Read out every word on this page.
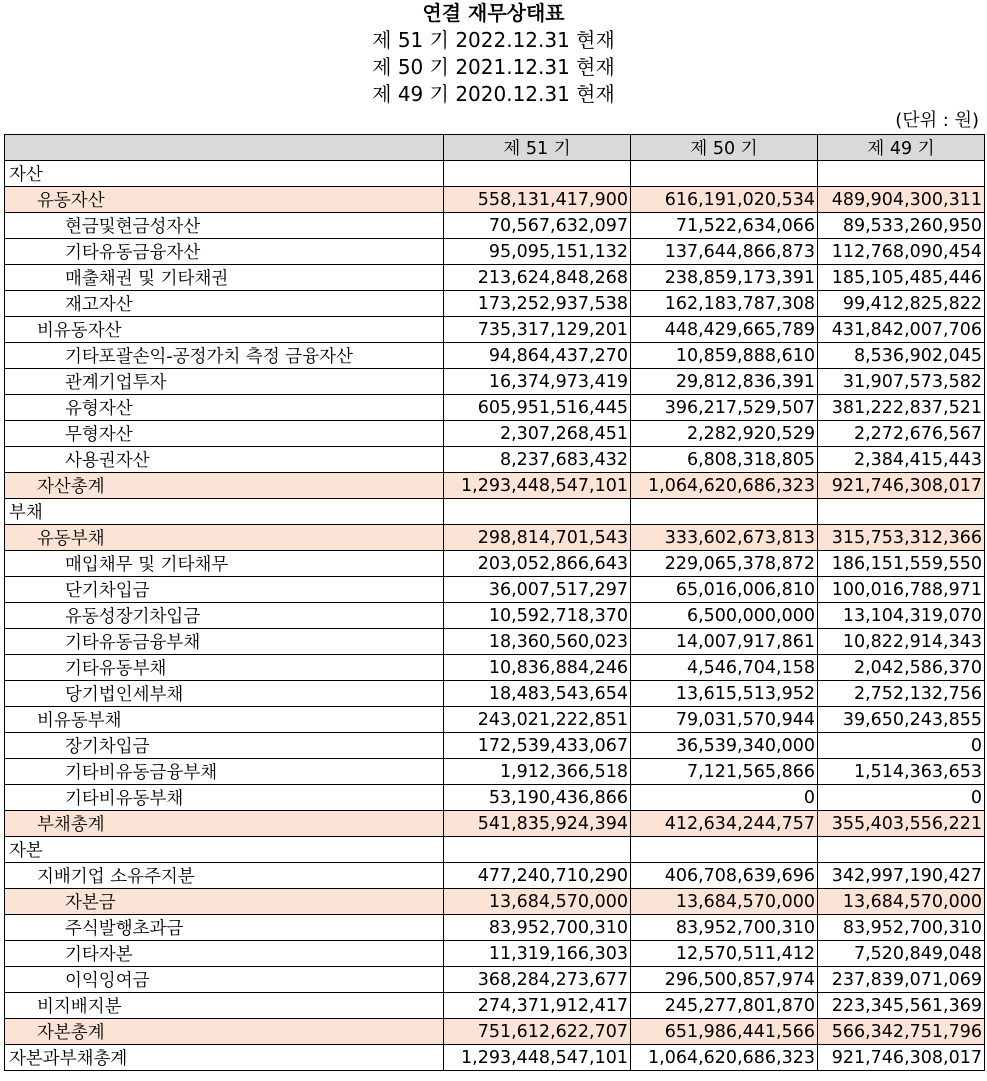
연결 재무상태표
제 51 기 2022.12.31 현재
제 50 기 2021.12.31 현재
제 49 기 2020.12.31 현재
(단위 : 원)
	제 51 기	제 50 기	제 49 기
자산			
유동자산	558,131,417,900	616,191,020,534	489,904,300,311
현금및현금성자산	70,567,632,097	71,522,634,066	89,533,260,950
기타유동금융자산	95,095,151,132	137,644,866,873	112,768,090,454
매출채권 및 기타채권	213,624,848,268	238,859,173,391	185,105,485,446
재고자산	173,252,937,538	162,183,787,308	99,412,825,822
비유동자산	735,317,129,201	448,429,665,789	431,842,007,706
기타포괄손익-공정가치 측정 금융자산	94,864,437,270	10,859,888,610	8,536,902,045
관계기업투자	16,374,973,419	29,812,836,391	31,907,573,582
유형자산	605,951,516,445	396,217,529,507	381,222,837,521
무형자산	2,307,268,451	2,282,920,529	2,272,676,567
사용권자산	8,237,683,432	6,808,318,805	2,384,415,443
자산총계	1,293,448,547,101	1,064,620,686,323	921,746,308,017
부채			
유동부채	298,814,701,543	333,602,673,813	315,753,312,366
매입채무 및 기타채무	203,052,866,643	229,065,378,872	186,151,559,550
단기차입금	36,007,517,297	65,016,006,810	100,016,788,971
유동성장기차입금	10,592,718,370	6,500,000,000	13,104,319,070
기타유동금융부채	18,360,560,023	14,007,917,861	10,822,914,343
기타유동부채	10,836,884,246	4,546,704,158	2,042,586,370
당기법인세부채	18,483,543,654	13,615,513,952	2,752,132,756
비유동부채	243,021,222,851	79,031,570,944	39,650,243,855
장기차입금	172,539,433,067	36,539,340,000	0
기타비유동금융부채	1,912,366,518	7,121,565,866	1,514,363,653
기타비유동부채	53,190,436,866	0	0
부채총계	541,835,924,394	412,634,244,757	355,403,556,221
자본			
지배기업 소유주지분	477,240,710,290	406,708,639,696	342,997,190,427
자본금	13,684,570,000	13,684,570,000	13,684,570,000
주식발행초과금	83,952,700,310	83,952,700,310	83,952,700,310
기타자본	11,319,166,303	12,570,511,412	7,520,849,048
이익잉여금	368,284,273,677	296,500,857,974	237,839,071,069
비지배지분	274,371,912,417	245,277,801,870	223,345,561,369
자본총계	751,612,622,707	651,986,441,566	566,342,751,796
자본과부채총계	1,293,448,547,101	1,064,620,686,323	921,746,308,017
